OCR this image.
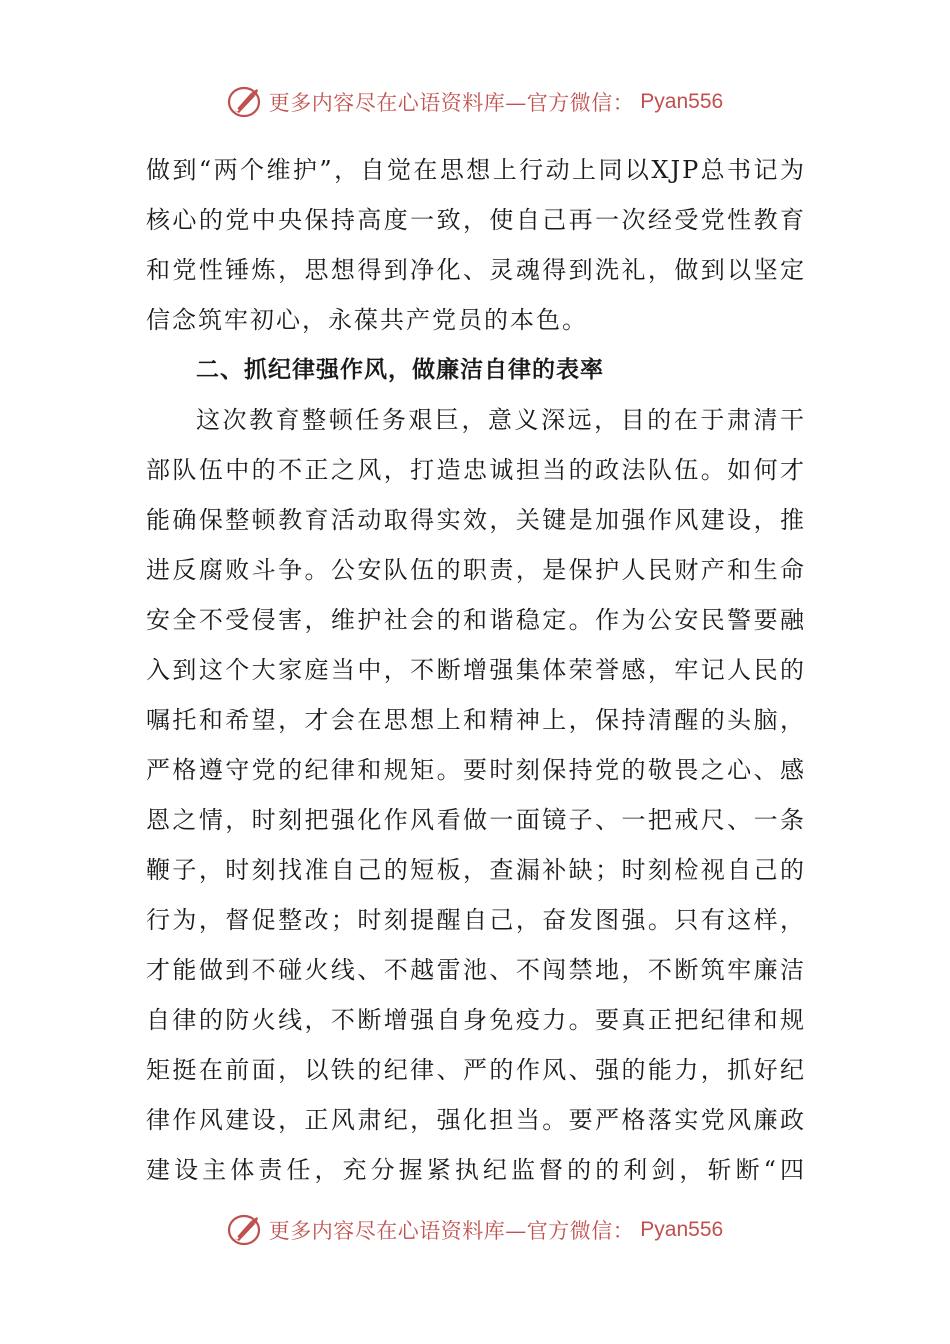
更多内容尽在心语资料库—官方微信： Pyan556
做到“两个维护”，自觉在思想上行动上同以XJP总书记为
核心的党中央保持高度一致，使自己再一次经受党性教育
和党性锤炼，思想得到净化、灵魂得到洗礼，做到以坚定
信念筑牢初心，永葆共产党员的本色。
二、抓纪律强作风，做廉洁自律的表率
这次教育整顿任务艰巨，意义深远，目的在于肃清干
部队伍中的不正之风，打造忠诚担当的政法队伍。如何才
能确保整顿教育活动取得实效，关键是加强作风建设，推
进反腐败斗争。公安队伍的职责，是保护人民财产和生命
安全不受侵害，维护社会的和谐稳定。作为公安民警要融
入到这个大家庭当中，不断增强集体荣誉感，牢记人民的
嘱托和希望，才会在思想上和精神上，保持清醒的头脑，
严格遵守党的纪律和规矩。要时刻保持党的敬畏之心、感
恩之情，时刻把强化作风看做一面镜子、一把戒尺、一条
鞭子，时刻找准自己的短板，查漏补缺；时刻检视自己的
行为，督促整改；时刻提醒自己，奋发图强。只有这样，
才能做到不碰火线、不越雷池、不闯禁地，不断筑牢廉洁
自律的防火线，不断增强自身免疫力。要真正把纪律和规
矩挺在前面，以铁的纪律、严的作风、强的能力，抓好纪
律作风建设，正风肃纪，强化担当。要严格落实党风廉政
建设主体责任，充分握紧执纪监督的的利剑，斩断“四
更多内容尽在心语资料库—官方微信： Pyan556
